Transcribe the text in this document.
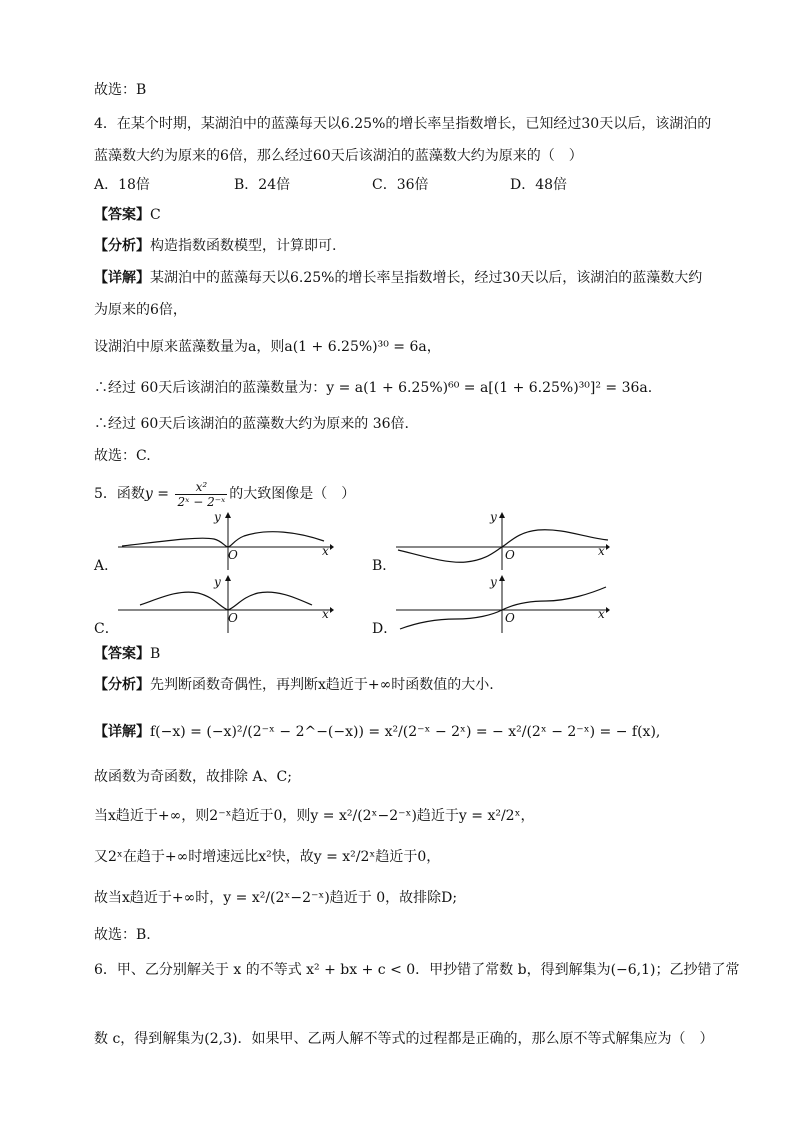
故选：B
4．在某个时期，某湖泊中的蓝藻每天以6.25%的增长率呈指数增长，已知经过30天以后，该湖泊的
蓝藻数大约为原来的6倍，那么经过60天后该湖泊的蓝藻数大约为原来的（　）
A．18倍	B．24倍	C．36倍	D．48倍
【答案】C
【分析】构造指数函数模型，计算即可.
【详解】某湖泊中的蓝藻每天以6.25%的增长率呈指数增长，经过30天以后，该湖泊的蓝藻数大约
为原来的6倍，
设湖泊中原来蓝藻数量为a，则a(1 + 6.25%)³⁰ = 6a，
∴经过 60天后该湖泊的蓝藻数量为：y = a(1 + 6.25%)⁶⁰ = a[(1 + 6.25%)³⁰]² = 36a.
∴经过 60天后该湖泊的蓝藻数大约为原来的 36倍.
故选：C.
5．函数$y = \frac{\text{x²}}{\text{2ˣ − 2⁻ˣ}}$ 的大致图像是（　）
y
O	x
A．
y
O	x
B．
y
O	x
C．
y
O	x
D．
【答案】B
【分析】先判断函数奇偶性，再判断x趋近于+∞时函数值的大小.
【详解】f(−x) = (−x)²/(2⁻ˣ − 2^−(−x)) = x²/(2⁻ˣ − 2ˣ) = − x²/(2ˣ − 2⁻ˣ) = − f(x),
故函数为奇函数，故排除 A、C;
当x趋近于+∞，则2⁻ˣ趋近于0，则y = x²/(2ˣ−2⁻ˣ)趋近于y = x²/2ˣ，
又2ˣ在趋于+∞时增速远比x²快，故y = x²/2ˣ趋近于0，
故当x趋近于+∞时，y = x²/(2ˣ−2⁻ˣ)趋近于 0，故排除D;
故选：B.
6．甲、乙分别解关于 x 的不等式 x² + bx + c < 0．甲抄错了常数 b，得到解集为(−6,1)；乙抄错了常
数 c，得到解集为(2,3)．如果甲、乙两人解不等式的过程都是正确的，那么原不等式解集应为（　）
